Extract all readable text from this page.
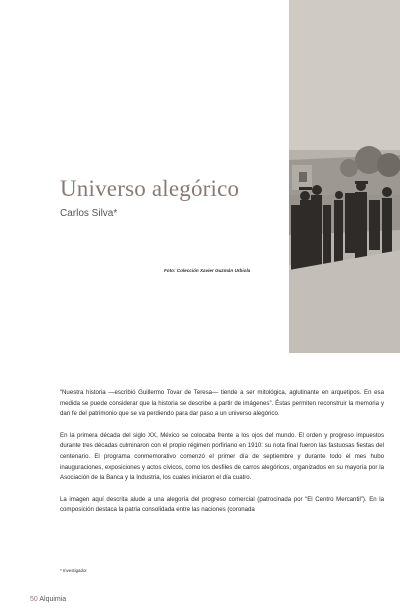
Universo alegórico
Carlos Silva*
Foto: Colección Xavier Guzmán Urbiola

“Nuestra historia —escribió Guillermo Tovar de Teresa— tiende a ser mitológica, aglutinante en arquetipos. En esa medida se puede considerar que la historia se describe a partir de imágenes”. Éstas permiten reconstruir la memoria y dan fe del patrimonio que se va perdiendo para dar paso a un universo alegórico.

En la primera década del siglo XX, México se colocaba frente a los ojos del mundo. El orden y progreso impuestos durante tres décadas culminaron con el propio régimen porfiriano en 1910: su nota final fueron las fastuosas fiestas del centenario. El programa conmemorativo comenzó el primer día de septiembre y durante todo el mes hubo inauguraciones, exposiciones y actos cívicos, como los desfiles de carros alegóricos, organizados en su mayoría por la Asociación de la Banca y la Industria, los cuales iniciaron el día cuatro.

La imagen aquí descrita alude a una alegoría del progreso comercial (patrocinada por “El Centro Mercantil”). En la composición destaca la patria consolidada entre las naciones (coronada

* Investigador
50 Alquimia
